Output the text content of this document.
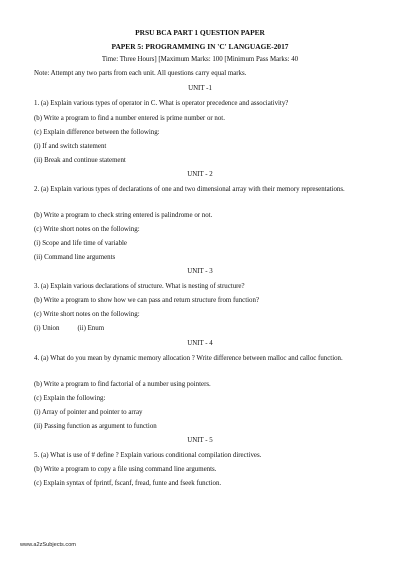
PRSU BCA PART 1 QUESTION PAPER
PAPER 5: PROGRAMMING IN 'C' LANGUAGE-2017
Time: Three Hours] [Maximum Marks: 100 [Minimum Pass Marks: 40
Note: Attempt any two parts from each unit. All questions carry equal marks.
UNIT -1
1. (a) Explain various types of operator in C. What is operator precedence and associativity?
(b) Write a program to find a number entered is prime number or not.
(c) Explain difference between the following:
(i) If and switch statement
(ii) Break and continue statement
UNIT - 2
2. (a) Explain various types of declarations of one and two dimensional array with their memory representations.
(b) Write a program to check string entered is palindrome or not.
(c) Write short notes on the following:
(i) Scope and life time of variable
(ii) Command line arguments
UNIT - 3
3. (a) Explain various declarations of structure. What is nesting of structure?
(b) Write a program to show how we can pass and return structure from function?
(c) Write short notes on the following:
(i) Union	(ii) Enum
UNIT - 4
4. (a) What do you mean by dynamic memory allocation ? Write difference between malloc and calloc function.
(b) Write a program to find factorial of a number using pointers.
(c) Explain the following:
(i) Array of pointer and pointer to array
(ii) Passing function as argument to function
UNIT - 5
5. (a) What is use of # define ? Explain various conditional compilation directives.
(b) Write a program to copy a file using command line arguments.
(c) Explain syntax of fprintf, fscanf, fread, funte and fseek function.
www.a2zSubjects.com
